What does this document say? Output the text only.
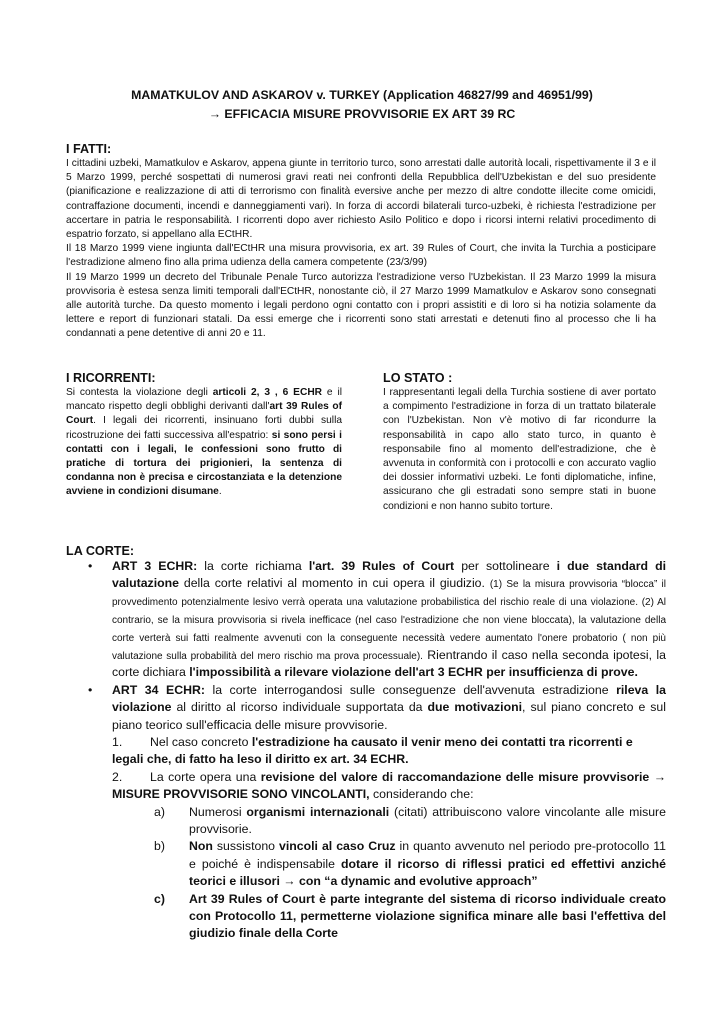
MAMATKULOV AND ASKAROV v. TURKEY (Application 46827/99 and 46951/99)
→ EFFICACIA MISURE PROVVISORIE EX ART 39 RC
I FATTI:

I cittadini uzbeki, Mamatkulov e Askarov, appena giunte in territorio turco, sono arrestati dalle autorità locali, rispettivamente il 3 e il 5 Marzo 1999, perché sospettati di numerosi gravi reati nei confronti della Repubblica dell'Uzbekistan e del suo presidente (pianificazione e realizzazione di atti di terrorismo con finalità eversive anche per mezzo di altre condotte illecite come omicidi, contraffazione documenti, incendi e danneggiamenti vari). In forza di accordi bilaterali turco-uzbeki, è richiesta l'estradizione per accertare in patria le responsabilità. I ricorrenti dopo aver richiesto Asilo Politico e dopo i ricorsi interni relativi procedimento di espatrio forzato, si appellano alla ECtHR.

Il 18 Marzo 1999 viene ingiunta dall'ECtHR una misura provvisoria, ex art. 39 Rules of Court, che invita la Turchia a posticipare l'estradizione almeno fino alla prima udienza della camera competente (23/3/99)

Il 19 Marzo 1999 un decreto del Tribunale Penale Turco autorizza l'estradizione verso l'Uzbekistan. Il 23 Marzo 1999 la misura provvisoria è estesa senza limiti temporali dall'ECtHR, nonostante ciò, il 27 Marzo 1999 Mamatkulov e Askarov sono consegnati alle autorità turche. Da questo momento i legali perdono ogni contatto con i propri assistiti e di loro si ha notizia solamente da lettere e report di funzionari statali. Da essi emerge che i ricorrenti sono stati arrestati e detenuti fino al processo che li ha condannati a pene detentive di anni 20 e 11.

I RICORRENTI:

Si contesta la violazione degli articoli 2, 3 , 6 ECHR e il mancato rispetto degli obblighi derivanti dall'art 39 Rules of Court. I legali dei ricorrenti, insinuano forti dubbi sulla ricostruzione dei fatti successiva all'espatrio: si sono persi i contatti con i legali, le confessioni sono frutto di pratiche di tortura dei prigionieri, la sentenza di condanna non è precisa e circostanziata e la detenzione avviene in condizioni disumane.

LO STATO :

I rappresentanti legali della Turchia sostiene di aver portato a compimento l'estradizione in forza di un trattato bilaterale con l'Uzbekistan. Non v'è motivo di far ricondurre la responsabilità in capo allo stato turco, in quanto è responsabile fino al momento dell'estradizione, che è avvenuta in conformità con i protocolli e con accurato vaglio dei dossier informativi uzbeki. Le fonti diplomatiche, infine, assicurano che gli estradati sono sempre stati in buone condizioni e non hanno subito torture.

LA CORTE:
• ART 3 ECHR: la corte richiama l'art. 39 Rules of Court per sottolineare i due standard di valutazione della corte relativi al momento in cui opera il giudizio. (1) Se la misura provvisoria “blocca” il provvedimento potenzialmente lesivo verrà operata una valutazione probabilistica del rischio reale di una violazione. (2) Al contrario, se la misura provvisoria si rivela inefficace (nel caso l'estradizione che non viene bloccata), la valutazione della corte verterà sui fatti realmente avvenuti con la conseguente necessità vedere aumentato l'onere probatorio ( non più valutazione sulla probabilità del mero rischio ma prova processuale). Rientrando il caso nella seconda ipotesi, la corte dichiara l'impossibilità a rilevare violazione dell'art 3 ECHR per insufficienza di prove.

• ART 34 ECHR: la corte interrogandosi sulle conseguenze dell'avvenuta estradizione rileva la violazione al diritto al ricorso individuale supportata da due motivazioni, sul piano concreto e sul piano teorico sull'efficacia delle misure provvisorie.

1. Nel caso concreto l'estradizione ha causato il venir meno dei contatti tra ricorrenti e legali che, di fatto ha leso il diritto ex art. 34 ECHR.

2. La corte opera una revisione del valore di raccomandazione delle misure provvisorie → MISURE PROVVISORIE SONO VINCOLANTI, considerando che:

a) Numerosi organismi internazionali (citati) attribuiscono valore vincolante alle misure provvisorie.

b) Non sussistono vincoli al caso Cruz in quanto avvenuto nel periodo pre-protocollo 11 e poiché è indispensabile dotare il ricorso di riflessi pratici ed effettivi anziché teorici e illusori → con “a dynamic and evolutive approach”

c) Art 39 Rules of Court è parte integrante del sistema di ricorso individuale creato con Protocollo 11, permetterne violazione significa minare alle basi l'effettiva del giudizio finale della Corte
